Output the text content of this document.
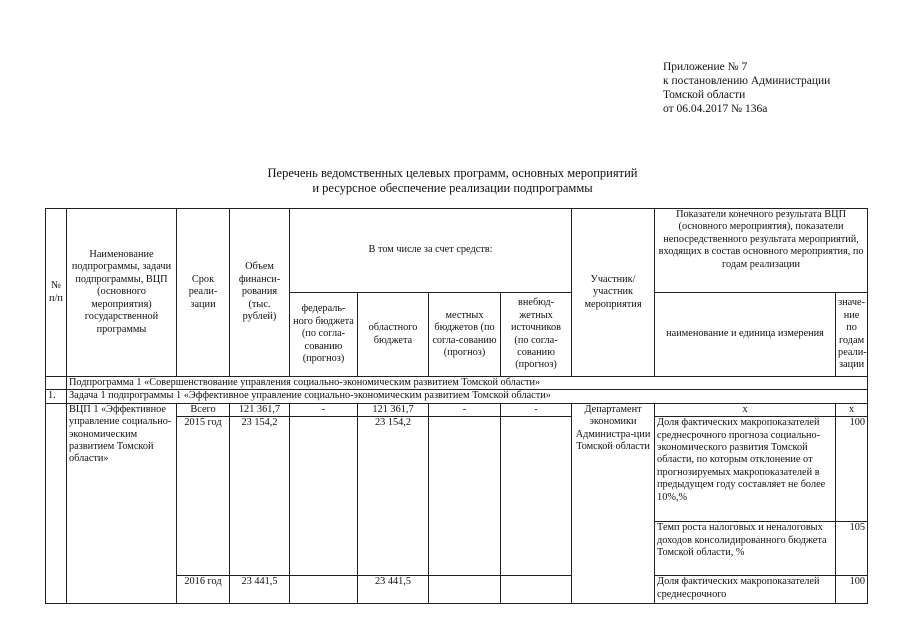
Приложение № 7
к постановлению Администрации
Томской области
от 06.04.2017 № 136а
Перечень ведомственных целевых программ, основных мероприятий
и ресурсное обеспечение реализации подпрограммы
№ п/п	Наименование подпрограммы, задачи подпрограммы, ВЦП (основного мероприятия) государственной программы	Срок реали-зации	Объем финанси-рования (тыс. рублей)	В том числе за счет средств:				Участник/ участник мероприятия	Показатели конечного результата ВЦП (основного мероприятия), показатели непосредственного результата мероприятий, входящих в состав основного мероприятия, по годам реализации	
				федераль-ного бюджета (по согла-сованию (прогноз)	областного бюджета	местных бюджетов (по согла-сованию (прогноз)	внебюд-жетных источников (по согла-сованию (прогноз)		наименование и единица измерения	значе-ние по годам реали-зации
	Подпрограмма 1 «Совершенствование управления социально-экономическим развитием Томской области»									
1.	Задача 1 подпрограммы 1 «Эффективное управление социально-экономическим развитием Томской области»									
	ВЦП 1 «Эффективное управление социально-экономическим развитием Томской области»	Всего	121 361,7	-	121 361,7	-	-	Департамент экономики Администра-ции Томской области	x	x
		2015 год	23 154,2		23 154,2				Доля фактических макропоказателей среднесрочного прогноза социально-экономического развития Томской области, по которым отклонение от прогнозируемых макропоказателей в предыдущем году составляет не более 10%,%	100
									Темп роста налоговых и неналоговых доходов консолидированного бюджета Томской области, %	105
		2016 год	23 441,5		23 441,5				Доля фактических макропоказателей среднесрочного	100
